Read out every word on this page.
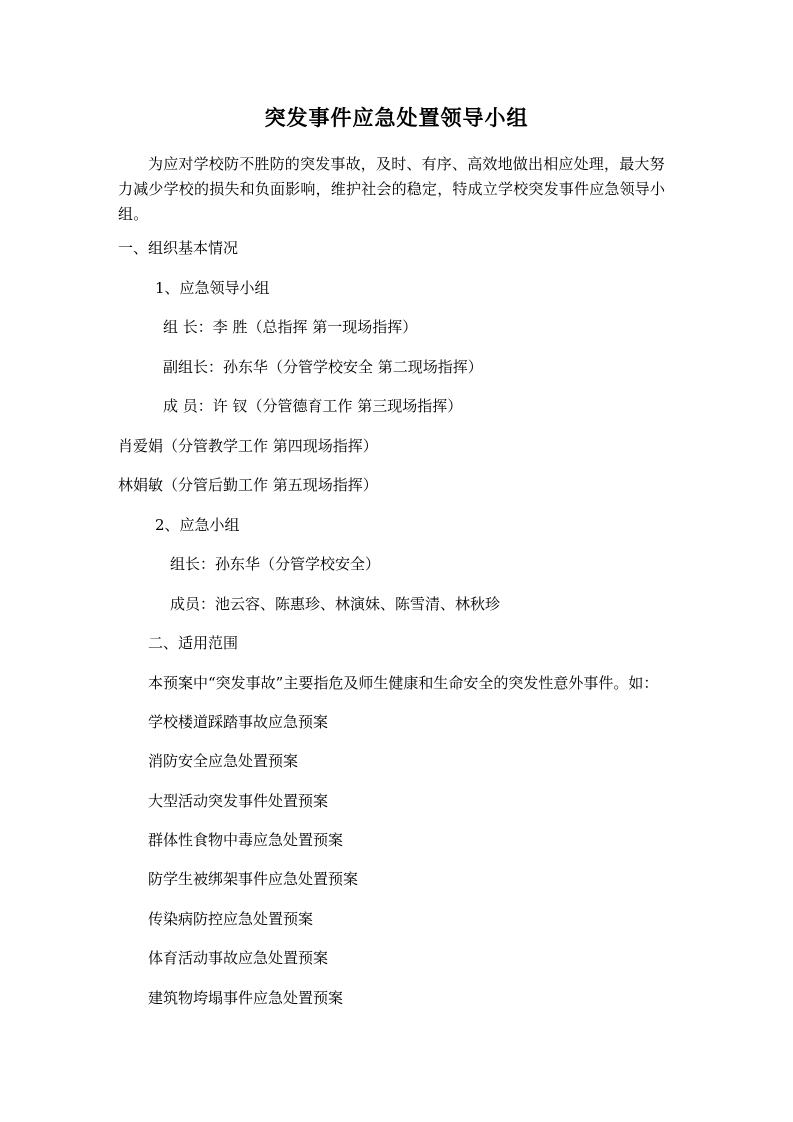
突发事件应急处置领导小组
为应对学校防不胜防的突发事故，及时、有序、高效地做出相应处理，最大努力减少学校的损失和负面影响，维护社会的稳定，特成立学校突发事件应急领导小组。
一、组织基本情况
1、应急领导小组
组 长：李 胜（总指挥 第一现场指挥）
副组长：孙东华（分管学校安全 第二现场指挥）
成 员：许 钗（分管德育工作 第三现场指挥）
肖爱娟（分管教学工作 第四现场指挥）
林娟敏（分管后勤工作 第五现场指挥）
2、应急小组
组长：孙东华（分管学校安全）
成员：池云容、陈惠珍、林演妹、陈雪清、林秋珍
二、适用范围
本预案中“突发事故”主要指危及师生健康和生命安全的突发性意外事件。如：
学校楼道踩踏事故应急预案
消防安全应急处置预案
大型活动突发事件处置预案
群体性食物中毒应急处置预案
防学生被绑架事件应急处置预案
传染病防控应急处置预案
体育活动事故应急处置预案
建筑物垮塌事件应急处置预案
